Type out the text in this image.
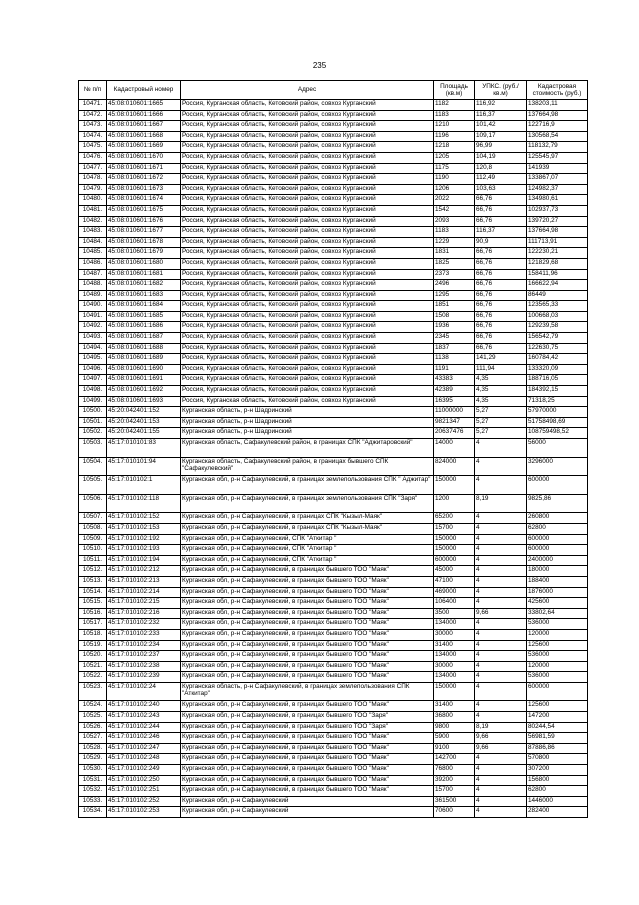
235
№ п/п	Кадастровый номер	Адрес	Площадь (кв.м)	УПКС. (руб./кв.м)	Кадастровая стоимость (руб.)
10471.	45:08:010601:1665	Россия, Курганская область, Кетовский район, совхоз Курганский	1182	116,92	138203,11
10472.	45:08:010601:1666	Россия, Курганская область, Кетовский район, совхоз Курганский	1183	116,37	137664,98
10473.	45:08:010601:1667	Россия, Курганская область, Кетовский район, совхоз Курганский	1210	101,42	122716,9
10474.	45:08:010601:1668	Россия, Курганская область, Кетовский район, совхоз Курганский	1196	109,17	130568,54
10475.	45:08:010601:1669	Россия, Курганская область, Кетовский район, совхоз Курганский	1218	96,99	118132,79
10476.	45:08:010601:1670	Россия, Курганская область, Кетовский район, совхоз Курганский	1205	104,19	125545,97
10477.	45:08:010601:1671	Россия, Курганская область, Кетовский район, совхоз Курганский	1175	120,8	141939
10478.	45:08:010601:1672	Россия, Курганская область, Кетовский район, совхоз Курганский	1190	112,49	133867,07
10479.	45:08:010601:1673	Россия, Курганская область, Кетовский район, совхоз Курганский	1206	103,63	124982,37
10480.	45:08:010601:1674	Россия, Курганская область, Кетовский район, совхоз Курганский	2022	66,76	134980,61
10481.	45:08:010601:1675	Россия, Курганская область, Кетовский район, совхоз Курганский	1542	66,76	102937,73
10482.	45:08:010601:1676	Россия, Курганская область, Кетовский район, совхоз Курганский	2093	66,76	139720,27
10483.	45:08:010601:1677	Россия, Курганская область, Кетовский район, совхоз Курганский	1183	116,37	137664,98
10484.	45:08:010601:1678	Россия, Курганская область, Кетовский район, совхоз Курганский	1229	90,9	111713,91
10485.	45:08:010601:1679	Россия, Курганская область, Кетовский район, совхоз Курганский	1831	66,76	122230,21
10486.	45:08:010601:1680	Россия, Курганская область, Кетовский район, совхоз Курганский	1825	66,76	121829,68
10487.	45:08:010601:1681	Россия, Курганская область, Кетовский район, совхоз Курганский	2373	66,76	158411,96
10488.	45:08:010601:1682	Россия, Курганская область, Кетовский район, совхоз Курганский	2496	66,76	166622,94
10489.	45:08:010601:1683	Россия, Курганская область, Кетовский район, совхоз Курганский	1295	66,76	86449
10490.	45:08:010601:1684	Россия, Курганская область, Кетовский район, совхоз Курганский	1851	66,76	123565,33
10491.	45:08:010601:1685	Россия, Курганская область, Кетовский район, совхоз Курганский	1508	66,76	100668,03
10492.	45:08:010601:1686	Россия, Курганская область, Кетовский район, совхоз Курганский	1936	66,76	129239,58
10493.	45:08:010601:1687	Россия, Курганская область, Кетовский район, совхоз Курганский	2345	66,76	156542,79
10494.	45:08:010601:1688	Россия, Курганская область, Кетовский район, совхоз Курганский	1837	66,76	122630,75
10495.	45:08:010601:1689	Россия, Курганская область, Кетовский район, совхоз Курганский	1138	141,29	160784,42
10496.	45:08:010601:1690	Россия, Курганская область, Кетовский район, совхоз Курганский	1191	111,94	133320,09
10497.	45:08:010601:1691	Россия, Курганская область, Кетовский район, совхоз Курганский	43383	4,35	188716,05
10498.	45:08:010601:1692	Россия, Курганская область, Кетовский район, совхоз Курганский	42389	4,35	184392,15
10499.	45:08:010601:1693	Россия, Курганская область, Кетовский район, совхоз Курганский	16395	4,35	71318,25
10500.	45:20:042401:152	Курганская область, р-н Шадринский	11000000	5,27	57970000
10501.	45:20:042401:153	Курганская область, р-н Шадринский	9821347	5,27	51758498,69
10502.	45:20:042401:155	Курганская область, р-н Шадринский	20637476	5,27	108759498,52
10503.	45:17:010101:83	Курганская область, Сафакулевский район, в границах СПК "Аджитаровский"	14000	4	56000
10504.	45:17:010101:94	Курганская область, Сафакулевский район, в границах бывшего СПК "Сафакулевский"	824000	4	3296000
10505.	45:17:010102:1	Курганская обл, р-н Сафакулевский, в границах землепользования СПК " Аджитар"	150000	4	600000
10506.	45:17:010102:118	Курганская обл, р-н Сафакулевский, в границах землепользования СПК "Заря"	1200	8,19	9825,86
10507.	45:17:010102:152	Курганская обл, р-н Сафакулевский, в границах СПК "Кызыл-Маяк"	65200	4	260800
10508.	45:17:010102:153	Курганская обл, р-н Сафакулевский, в границах СПК "Кызыл-Маяк"	15700	4	62800
10509.	45:17:010102:192	Курганская обл, р-н Сафакулевский, СПК "Аткитар "	150000	4	600000
10510.	45:17:010102:193	Курганская обл, р-н Сафакулевский, СПК "Аткитар "	150000	4	600000
10511.	45:17:010102:194	Курганская обл, р-н Сафакулевский, СПК "Аткитар "	600000	4	2400000
10512.	45:17:010102:212	Курганская обл, р-н Сафакулевский, в границах бывшего ТОО "Маяк"	45000	4	180000
10513.	45:17:010102:213	Курганская обл, р-н Сафакулевский, в границах бывшего ТОО "Маяк"	47100	4	188400
10514.	45:17:010102:214	Курганская обл, р-н Сафакулевский, в границах бывшего ТОО "Маяк"	469000	4	1876000
10515.	45:17:010102:215	Курганская обл, р-н Сафакулевский, в границах бывшего ТОО "Маяк"	106400	4	425600
10516.	45:17:010102:216	Курганская обл, р-н Сафакулевский, в границах бывшего ТОО "Маяк"	3500	9,66	33802,64
10517.	45:17:010102:232	Курганская обл, р-н Сафакулевский, в границах бывшего ТОО "Маяк"	134000	4	536000
10518.	45:17:010102:233	Курганская обл, р-н Сафакулевский, в границах бывшего ТОО "Маяк"	30000	4	120000
10519.	45:17:010102:234	Курганская обл, р-н Сафакулевский, в границах бывшего ТОО "Маяк"	31400	4	125600
10520.	45:17:010102:237	Курганская обл, р-н Сафакулевский, в границах бывшего ТОО "Маяк"	134000	4	536000
10521.	45:17:010102:238	Курганская обл, р-н Сафакулевский, в границах бывшего ТОО "Маяк"	30000	4	120000
10522.	45:17:010102:239	Курганская обл, р-н Сафакулевский, в границах бывшего ТОО "Маяк"	134000	4	536000
10523.	45:17:010102:24	Курганская область, р-н Сафакулевский, в границах землепользования СПК "Аткитар"	150000	4	600000
10524.	45:17:010102:240	Курганская обл, р-н Сафакулевский, в границах бывшего ТОО "Маяк"	31400	4	125600
10525.	45:17:010102:243	Курганская обл, р-н Сафакулевский, в границах бывшего ТОО "Заря"	36800	4	147200
10526.	45:17:010102:244	Курганская обл, р-н Сафакулевский, в границах бывшего ТОО "Заря"	9800	8,19	80244,54
10527.	45:17:010102:246	Курганская обл, р-н Сафакулевский, в границах бывшего ТОО "Маяк"	5900	9,66	56981,59
10528.	45:17:010102:247	Курганская обл, р-н Сафакулевский, в границах бывшего ТОО "Маяк"	9100	9,66	87886,86
10529.	45:17:010102:248	Курганская обл, р-н Сафакулевский, в границах бывшего ТОО "Маяк"	142700	4	570800
10530.	45:17:010102:249	Курганская обл, р-н Сафакулевский, в границах бывшего ТОО "Маяк"	76800	4	307200
10531.	45:17:010102:250	Курганская обл, р-н Сафакулевский, в границах бывшего ТОО "Маяк"	39200	4	156800
10532.	45:17:010102:251	Курганская обл, р-н Сафакулевский, в границах бывшего ТОО "Маяк"	15700	4	62800
10533.	45:17:010102:252	Курганская обл, р-н Сафакулевский	361500	4	1446000
10534.	45:17:010102:253	Курганская обл, р-н Сафакулевский	70600	4	282400
